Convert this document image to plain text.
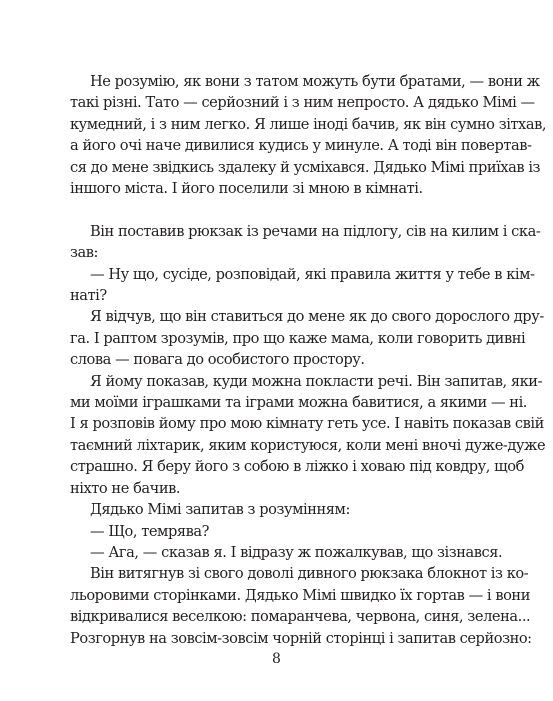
Не розумію, як вони з татом можуть бути братами, — вони ж
такі різні. Тато — серйозний і з ним непросто. А дядько Мімі —
кумедний, і з ним легко. Я лише іноді бачив, як він сумно зітхав,
а його очі наче дивилися кудись у минуле. А тоді він повертав-
ся до мене звідкись здалеку й усміхався. Дядько Мімі приїхав із
іншого міста. І його поселили зі мною в кімнаті.
Він поставив рюкзак із речами на підлогу, сів на килим і ска-
зав:
— Ну що, сусіде, розповідай, які правила життя у тебе в кім-
наті?
Я відчув, що він ставиться до мене як до свого дорослого дру-
га. І раптом зрозумів, про що каже мама, коли говорить дивні
слова — повага до особистого простору.
Я йому показав, куди можна покласти речі. Він запитав, яки-
ми моїми іграшками та іграми можна бавитися, а якими — ні.
І я розповів йому про мою кімнату геть усе. І навіть показав свій
таємний ліхтарик, яким користуюся, коли мені вночі дуже-дуже
страшно. Я беру його з собою в ліжко і ховаю під ковдру, щоб
ніхто не бачив.
Дядько Мімі запитав з розумінням:
— Що, темрява?
— Ага, — сказав я. І відразу ж пожалкував, що зізнався.
Він витягнув зі свого доволі дивного рюкзака блокнот із ко-
льоровими сторінками. Дядько Мімі швидко їх гортав — і вони
відкривалися веселкою: помаранчева, червона, синя, зелена...
Розгорнув на зовсім-зовсім чорній сторінці і запитав серйозно:
8
